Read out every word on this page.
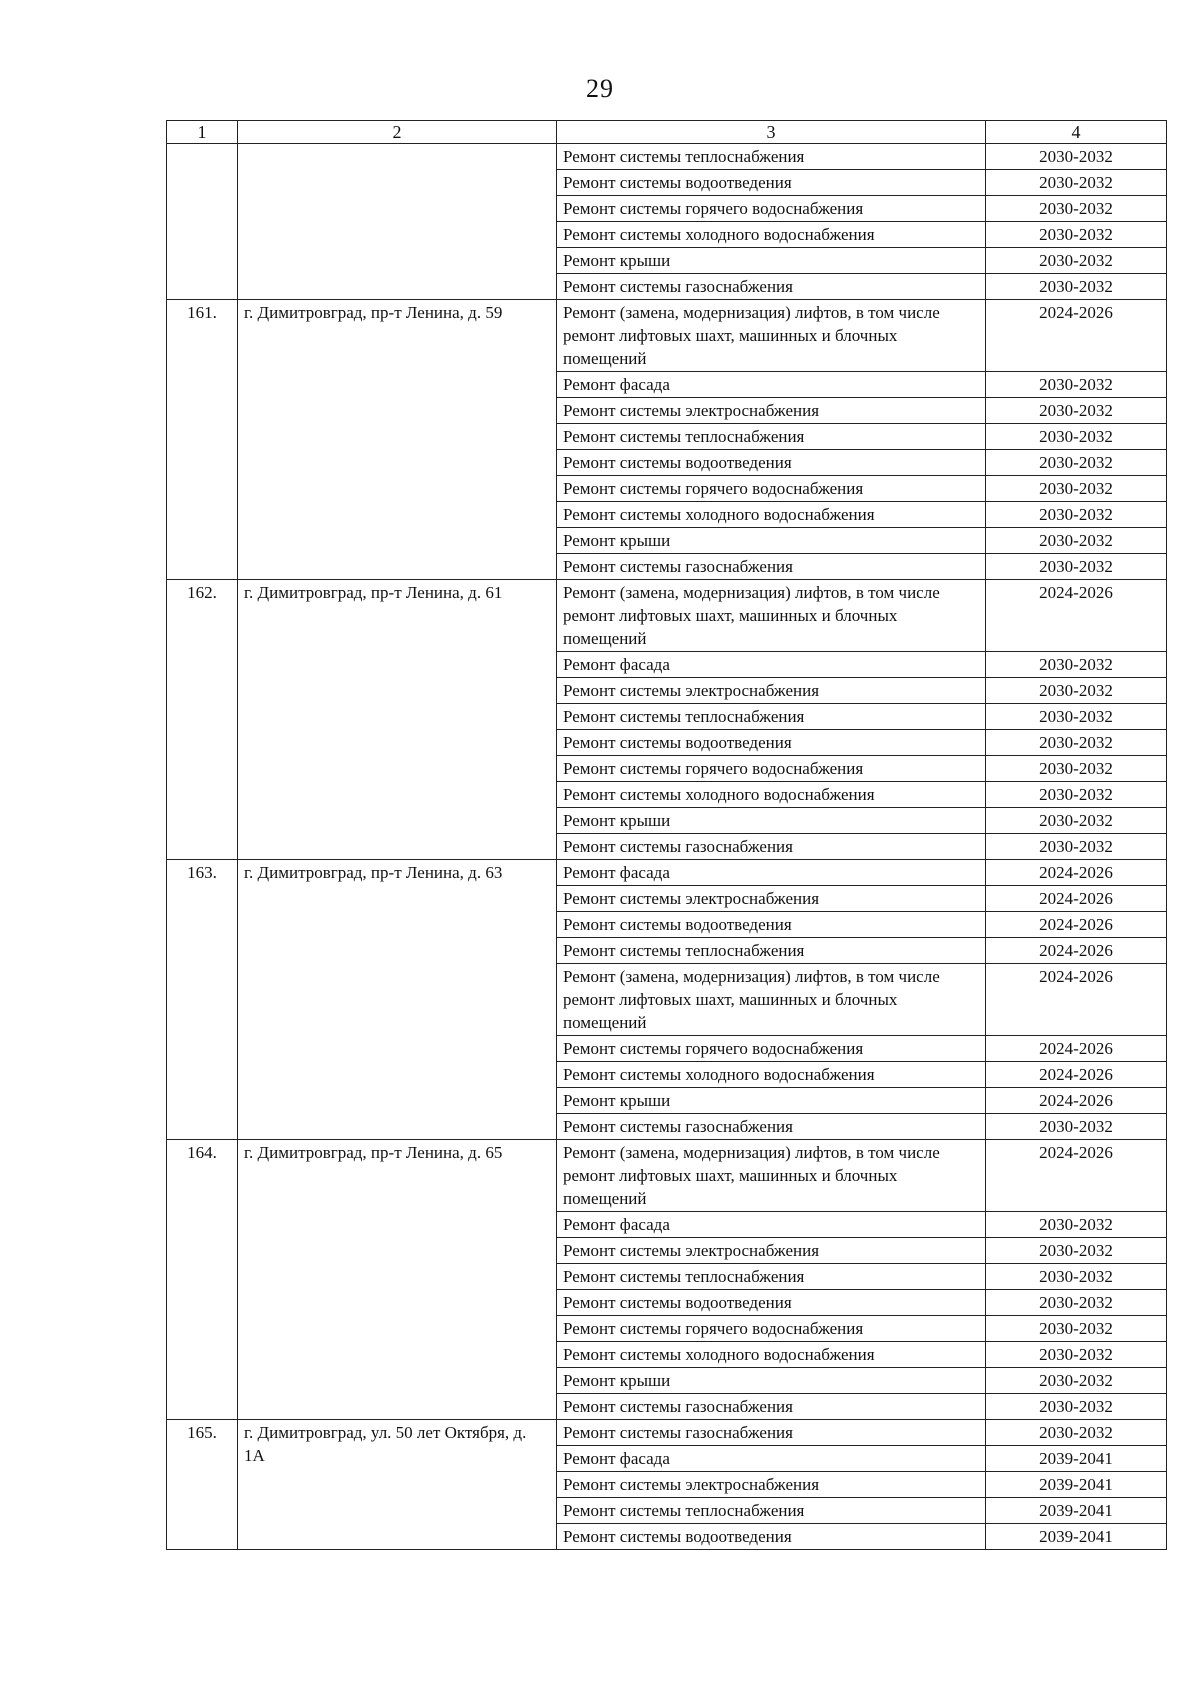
29
1	2	3	4
		Ремонт системы теплоснабжения	2030-2032
		Ремонт системы водоотведения	2030-2032
		Ремонт системы горячего водоснабжения	2030-2032
		Ремонт системы холодного водоснабжения	2030-2032
		Ремонт крыши	2030-2032
		Ремонт системы газоснабжения	2030-2032
161.	г. Димитровград, пр-т Ленина, д. 59	Ремонт (замена, модернизация) лифтов, в том числе ремонт лифтовых шахт, машинных и блочных помещений	2024-2026
		Ремонт фасада	2030-2032
		Ремонт системы электроснабжения	2030-2032
		Ремонт системы теплоснабжения	2030-2032
		Ремонт системы водоотведения	2030-2032
		Ремонт системы горячего водоснабжения	2030-2032
		Ремонт системы холодного водоснабжения	2030-2032
		Ремонт крыши	2030-2032
		Ремонт системы газоснабжения	2030-2032
162.	г. Димитровград, пр-т Ленина, д. 61	Ремонт (замена, модернизация) лифтов, в том числе ремонт лифтовых шахт, машинных и блочных помещений	2024-2026
		Ремонт фасада	2030-2032
		Ремонт системы электроснабжения	2030-2032
		Ремонт системы теплоснабжения	2030-2032
		Ремонт системы водоотведения	2030-2032
		Ремонт системы горячего водоснабжения	2030-2032
		Ремонт системы холодного водоснабжения	2030-2032
		Ремонт крыши	2030-2032
		Ремонт системы газоснабжения	2030-2032
163.	г. Димитровград, пр-т Ленина, д. 63	Ремонт фасада	2024-2026
		Ремонт системы электроснабжения	2024-2026
		Ремонт системы водоотведения	2024-2026
		Ремонт системы теплоснабжения	2024-2026
		Ремонт (замена, модернизация) лифтов, в том числе ремонт лифтовых шахт, машинных и блочных помещений	2024-2026
		Ремонт системы горячего водоснабжения	2024-2026
		Ремонт системы холодного водоснабжения	2024-2026
		Ремонт крыши	2024-2026
		Ремонт системы газоснабжения	2030-2032
164.	г. Димитровград, пр-т Ленина, д. 65	Ремонт (замена, модернизация) лифтов, в том числе ремонт лифтовых шахт, машинных и блочных помещений	2024-2026
		Ремонт фасада	2030-2032
		Ремонт системы электроснабжения	2030-2032
		Ремонт системы теплоснабжения	2030-2032
		Ремонт системы водоотведения	2030-2032
		Ремонт системы горячего водоснабжения	2030-2032
		Ремонт системы холодного водоснабжения	2030-2032
		Ремонт крыши	2030-2032
		Ремонт системы газоснабжения	2030-2032
165.	г. Димитровград, ул. 50 лет Октября, д. 1А	Ремонт системы газоснабжения	2030-2032
		Ремонт фасада	2039-2041
		Ремонт системы электроснабжения	2039-2041
		Ремонт системы теплоснабжения	2039-2041
		Ремонт системы водоотведения	2039-2041
